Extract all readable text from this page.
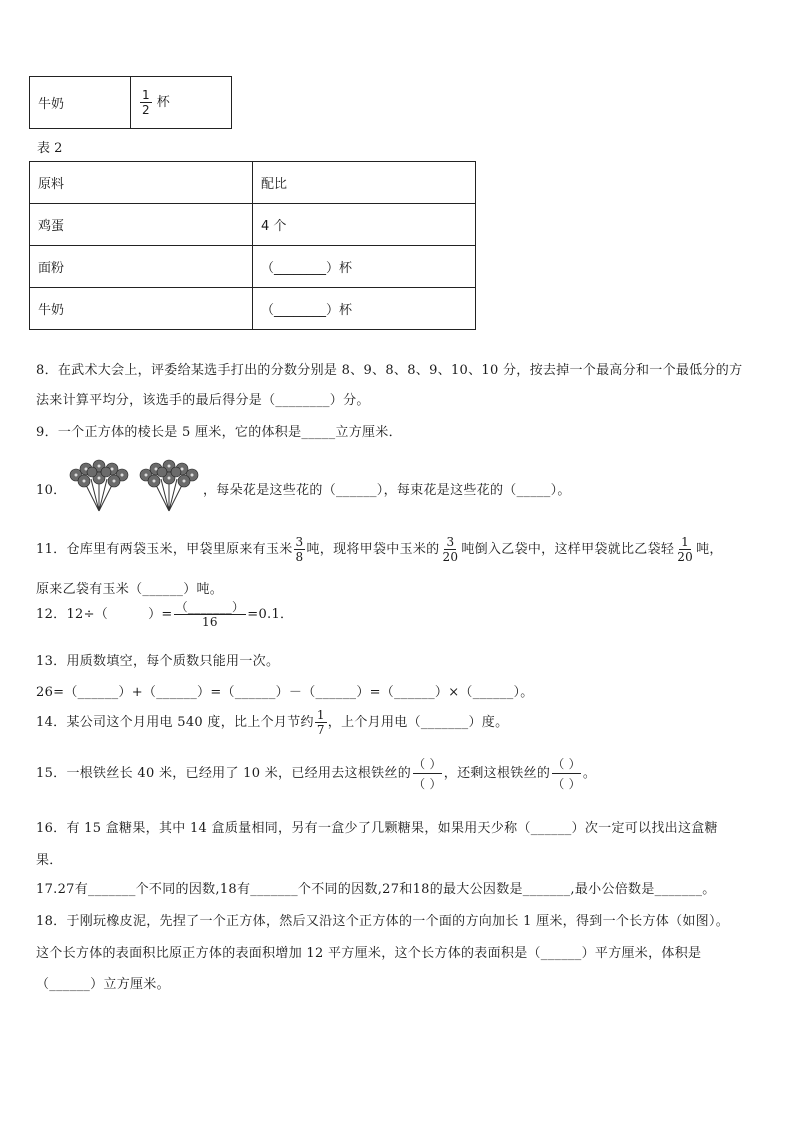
牛奶	$\frac{1}{2}$ 杯
表 2
原料	配比
鸡蛋	4 个
面粉	（________）杯
牛奶	（________）杯
8．在武术大会上，评委给某选手打出的分数分别是 8、9、8、8、9、10、10 分，按去掉一个最高分和一个最低分的方
法来计算平均分，该选手的最后得分是（________）分。
9．一个正方体的棱长是 5 厘米，它的体积是_____立方厘米．
10．	，每朵花是这些花的（______），每束花是这些花的（_____）。
11．仓库里有两袋玉米，甲袋里原来有玉米 $\frac{3}{8}$ 吨，现将甲袋中玉米的 $\frac{3}{20}$ 吨倒入乙袋中，这样甲袋就比乙袋轻 $\frac{1}{20}$ 吨，
原来乙袋有玉米（______）吨。
12．12÷（	）= $\frac{(\_\_\_\_\_\_\_)}{16} =0.1$．
13．用质数填空，每个质数只能用一次。
26=（______）+（______）=（______）－（______）=（______）×（______）。
14．某公司这个月用电 540 度，比上个月节约 $\frac{1}{7}$ ，上个月用电（_______）度。
15．一根铁丝长 40 米，已经用了 10 米，已经用去这根铁丝的 $\frac{( )}{( )}$ ，还剩这根铁丝的 $\frac{( )}{( )}$ 。
16．有 15 盒糖果，其中 14 盒质量相同，另有一盒少了几颗糖果，如果用天少称（______）次一定可以找出这盒糖
果．
17.27有_______个不同的因数,18有_______个不同的因数,27和18的最大公因数是_______,最小公倍数是_______。
18．于刚玩橡皮泥，先捏了一个正方体，然后又沿这个正方体的一个面的方向加长 1 厘米，得到一个长方体（如图）。
这个长方体的表面积比原正方体的表面积增加 12 平方厘米，这个长方体的表面积是（______）平方厘米，体积是
（______）立方厘米。
